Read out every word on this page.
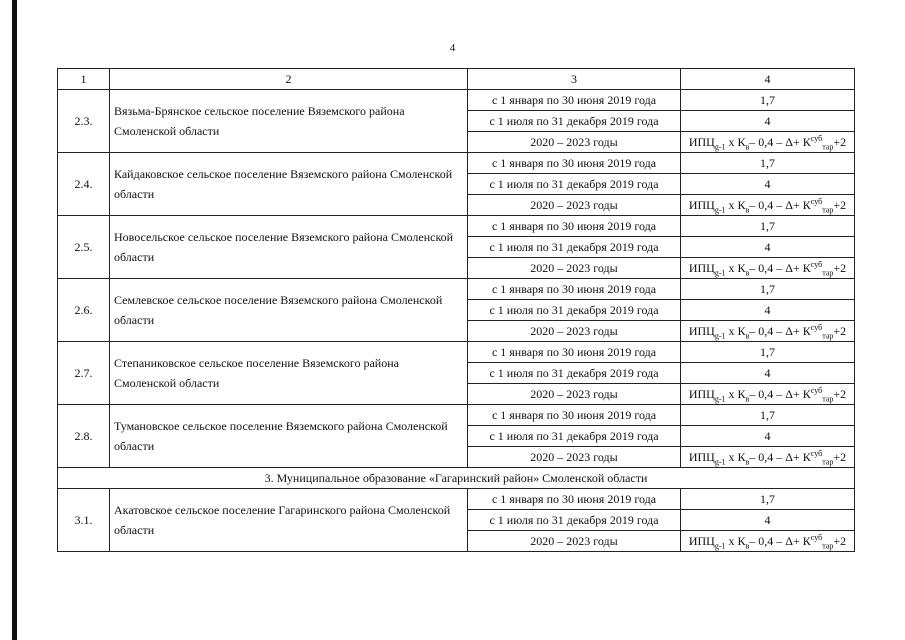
4
1	2	3	4
2.3.	Вязьма-Брянское сельское поселение Вяземского района Смоленской области	с 1 января по 30 июня 2019 года	1,7
		с 1 июля по 31 декабря 2019 года	4
		2020 – 2023 годы	$ИПЦ_{g-1}$ x $К_в-$ $0,4 - \Delta+ К^{суб}_{тар}+2$
2.4.	Кайдаковское сельское поселение Вяземского района Смоленской области	с 1 января по 30 июня 2019 года	1,7
		с 1 июля по 31 декабря 2019 года	4
		2020 – 2023 годы	$ИПЦ_{g-1}$ x $К_в-$ $0,4 - \Delta+ К^{суб}_{тар}+2$
2.5.	Новосельское сельское поселение Вяземского района Смоленской области	с 1 января по 30 июня 2019 года	1,7
		с 1 июля по 31 декабря 2019 года	4
		2020 – 2023 годы	$ИПЦ_{g-1}$ x $К_в-$ $0,4 - \Delta+ К^{суб}_{тар}+2$
2.6.	Семлевское сельское поселение Вяземского района Смоленской области	с 1 января по 30 июня 2019 года	1,7
		с 1 июля по 31 декабря 2019 года	4
		2020 – 2023 годы	$ИПЦ_{g-1}$ x $К_в-$ $0,4 - \Delta+ К^{суб}_{тар}+2$
2.7.	Степаниковское сельское поселение Вяземского района Смоленской области	с 1 января по 30 июня 2019 года	1,7
		с 1 июля по 31 декабря 2019 года	4
		2020 – 2023 годы	$ИПЦ_{g-1}$ x $К_в-$ $0,4 - \Delta+ К^{суб}_{тар}+2$
2.8.	Тумановское сельское поселение Вяземского района Смоленской области	с 1 января по 30 июня 2019 года	1,7
		с 1 июля по 31 декабря 2019 года	4
		2020 – 2023 годы	$ИПЦ_{g-1}$ x $К_в-$ $0,4 - \Delta+ К^{суб}_{тар}+2$
3. Муниципальное образование «Гагаринский район» Смоленской области			
3.1.	Акатовское сельское поселение Гагаринского района Смоленской области	с 1 января по 30 июня 2019 года	1,7
		с 1 июля по 31 декабря 2019 года	4
		2020 – 2023 годы	$ИПЦ_{g-1}$ x $К_в-$ $0,4 - \Delta+ К^{суб}_{тар}+2$
